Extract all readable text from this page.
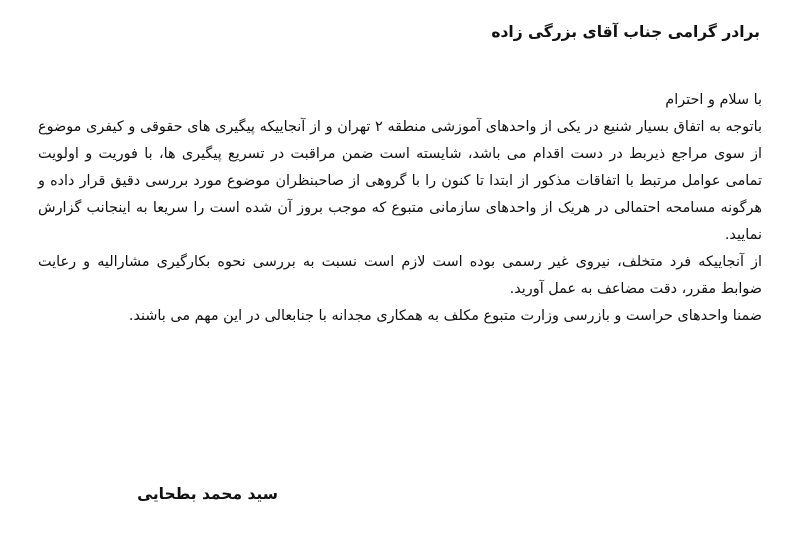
برادر گرامی جناب آقای بزرگی زاده

با سلام و احترام

باتوجه به اتفاق بسیار شنیع در یکی از واحدهای آموزشی منطقه ۲ تهران و از آنجاییکه پیگیری های حقوقی و کیفری موضوع از سوی مراجع ذیربط در دست اقدام می باشد، شایسته است ضمن مراقبت در تسریع پیگیری ها، با فوریت و اولویت تمامی عوامل مرتبط با اتفاقات مذکور از ابتدا تا کنون را با گروهی از صاحبنظران موضوع مورد بررسی دقیق قرار داده و هرگونه مسامحه احتمالی در هریک از واحدهای سازمانی متبوع که موجب بروز آن شده است را سریعا به اینجانب گزارش نمایید.

از آنجاییکه فرد متخلف، نیروی غیر رسمی بوده است لازم است نسبت به بررسی نحوه بکارگیری مشارالیه و رعایت ضوابط مقرر، دقت مضاعف به عمل آورید.

ضمنا واحدهای حراست و بازرسی وزارت متبوع مکلف به همکاری مجدانه با جنابعالی در این مهم می باشند.

سید محمد بطحایی
